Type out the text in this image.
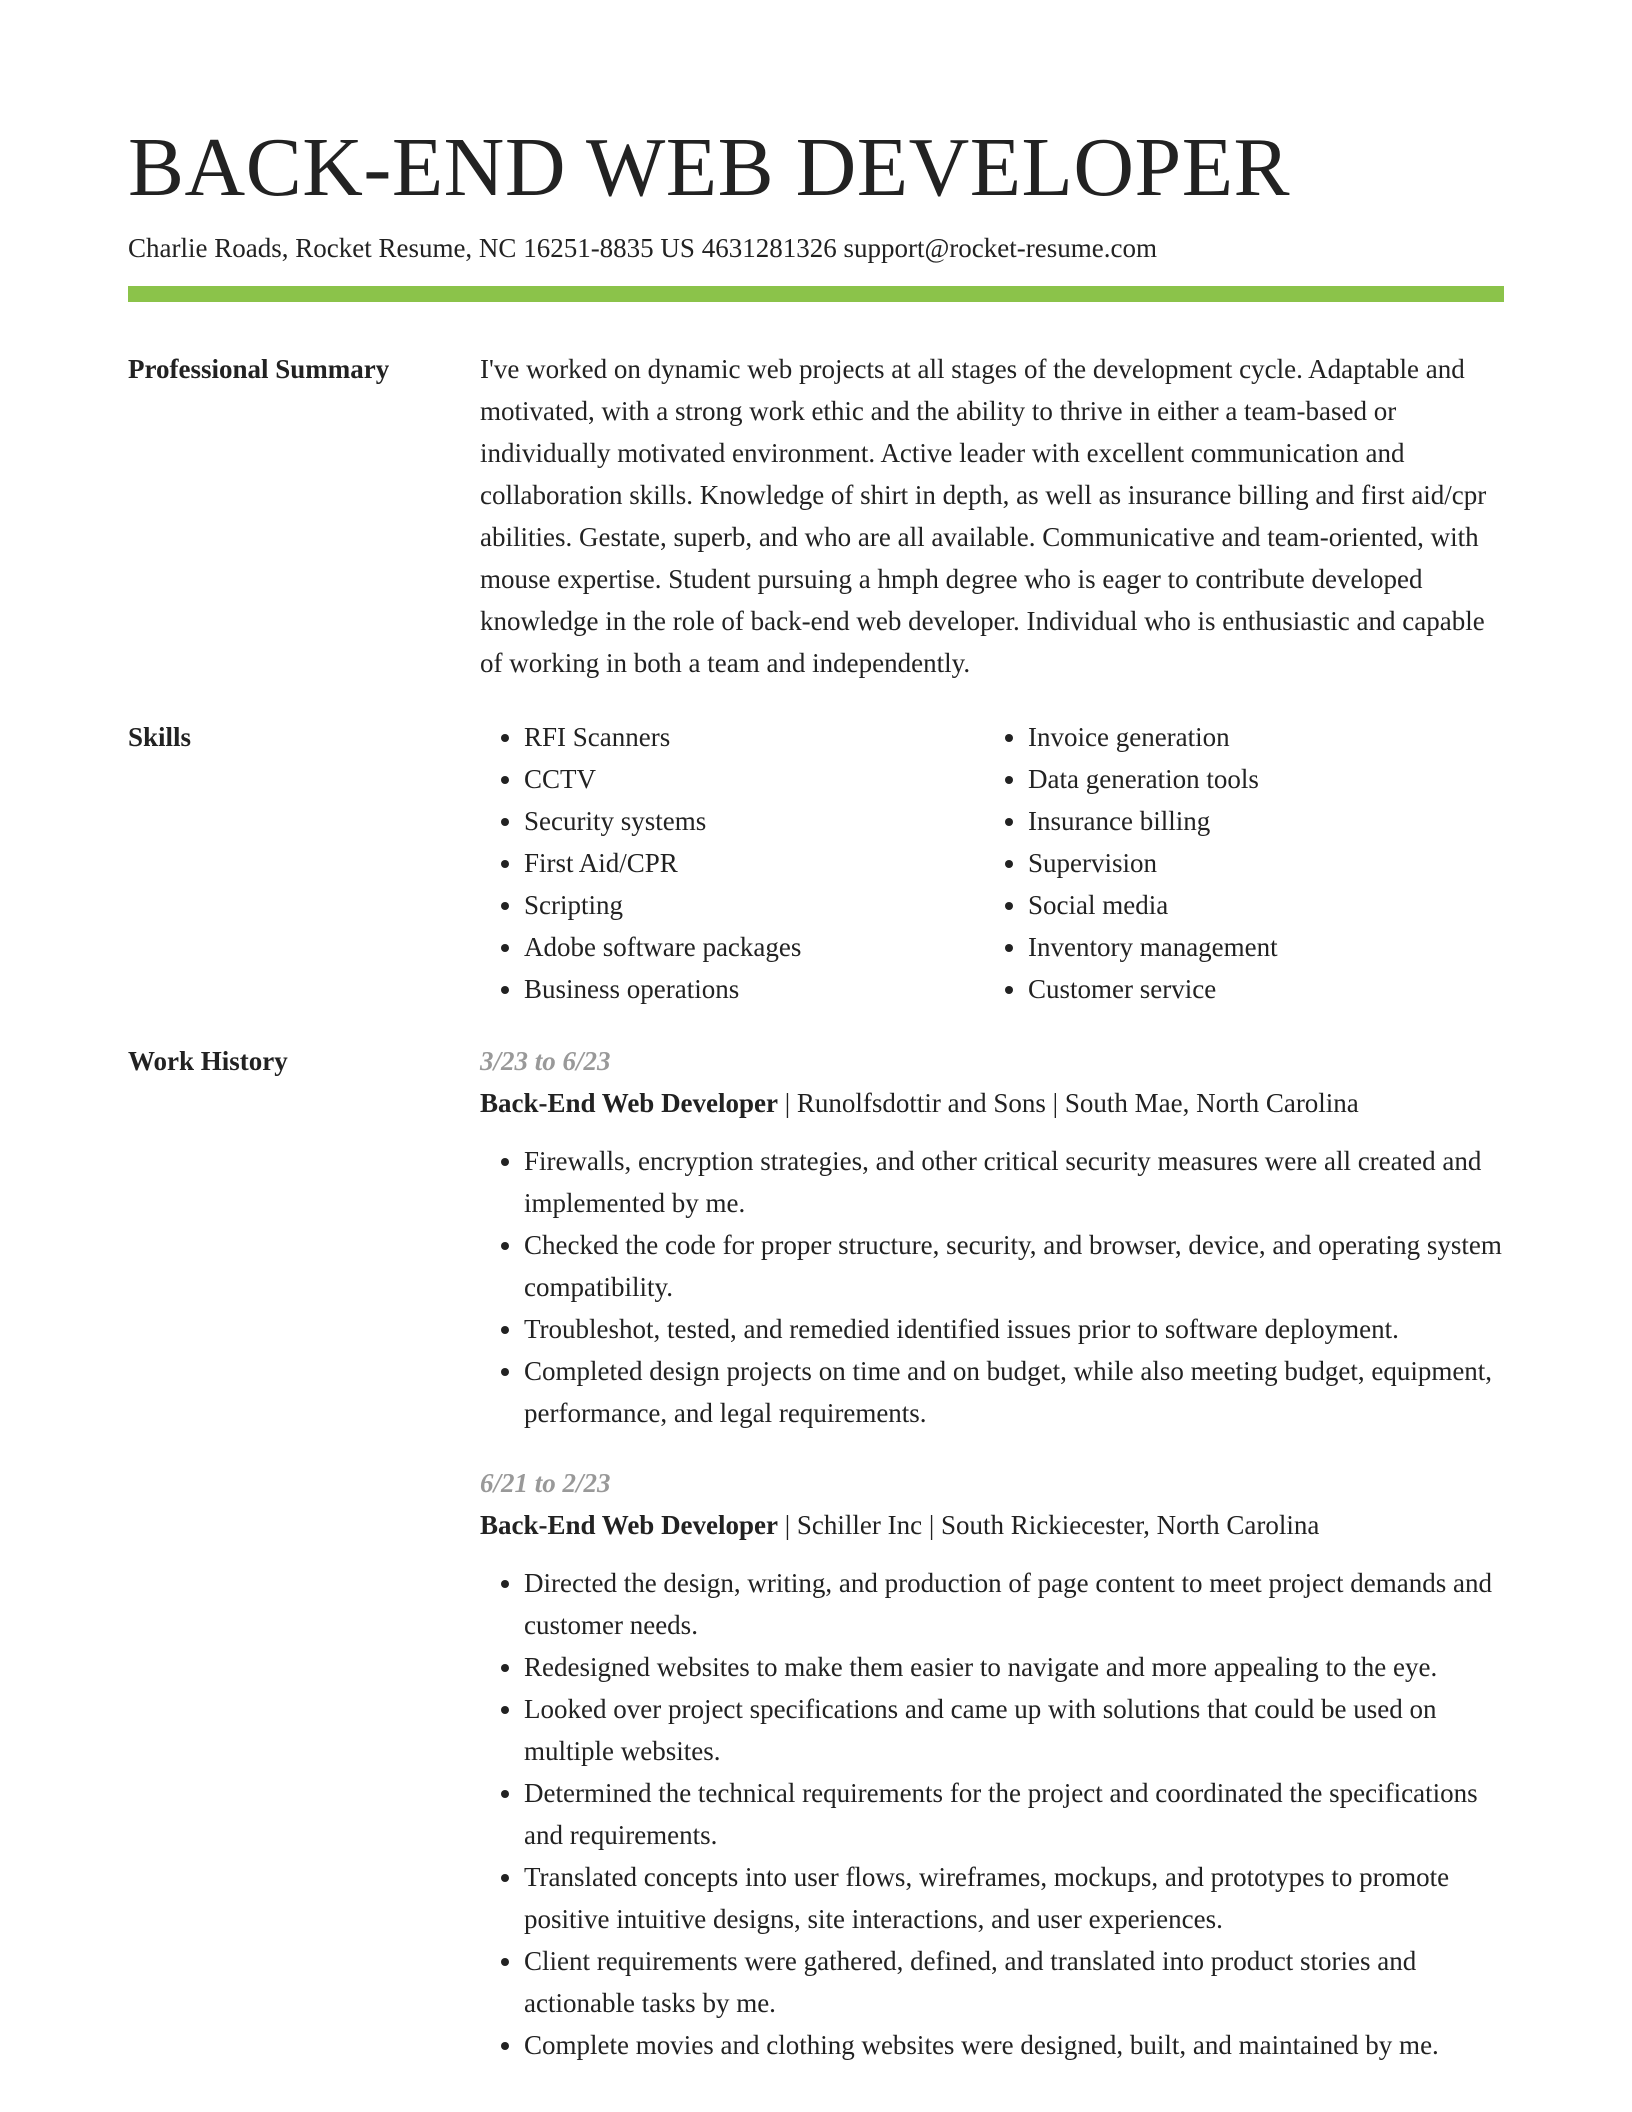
BACK-END WEB DEVELOPER
Charlie Roads, Rocket Resume, NC 16251-8835 US 4631281326 support@rocket-resume.com
Professional Summary	I've worked on dynamic web projects at all stages of the development cycle. Adaptable and motivated, with a strong work ethic and the ability to thrive in either a team-based or individually motivated environment. Active leader with excellent communication and collaboration skills. Knowledge of shirt in depth, as well as insurance billing and first aid/cpr abilities. Gestate, superb, and who are all available. Communicative and team-oriented, with mouse expertise. Student pursuing a hmph degree who is eager to contribute developed knowledge in the role of back-end web developer. Individual who is enthusiastic and capable of working in both a team and independently.

Skills
•	RFI Scanners
• CCTV
• Security systems
• First Aid/CPR
• Scripting
• Adobe software packages
• Business operations
• Invoice generation
• Data generation tools
• Insurance billing
• Supervision
• Social media
• Inventory management
• Customer service
Work History	3/23 to 6/23
Back-End Web Developer | Runolfsdottir and Sons | South Mae, North Carolina
• Firewalls, encryption strategies, and other critical security measures were all created and implemented by me.
• Checked the code for proper structure, security, and browser, device, and operating system compatibility.
• Troubleshot, tested, and remedied identified issues prior to software deployment.
• Completed design projects on time and on budget, while also meeting budget, equipment, performance, and legal requirements.
6/21 to 2/23
Back-End Web Developer | Schiller Inc | South Rickiecester, North Carolina
• Directed the design, writing, and production of page content to meet project demands and customer needs.
• Redesigned websites to make them easier to navigate and more appealing to the eye.
• Looked over project specifications and came up with solutions that could be used on multiple websites.
• Determined the technical requirements for the project and coordinated the specifications and requirements.
• Translated concepts into user flows, wireframes, mockups, and prototypes to promote positive intuitive designs, site interactions, and user experiences.
• Client requirements were gathered, defined, and translated into product stories and actionable tasks by me.
• Complete movies and clothing websites were designed, built, and maintained by me.
